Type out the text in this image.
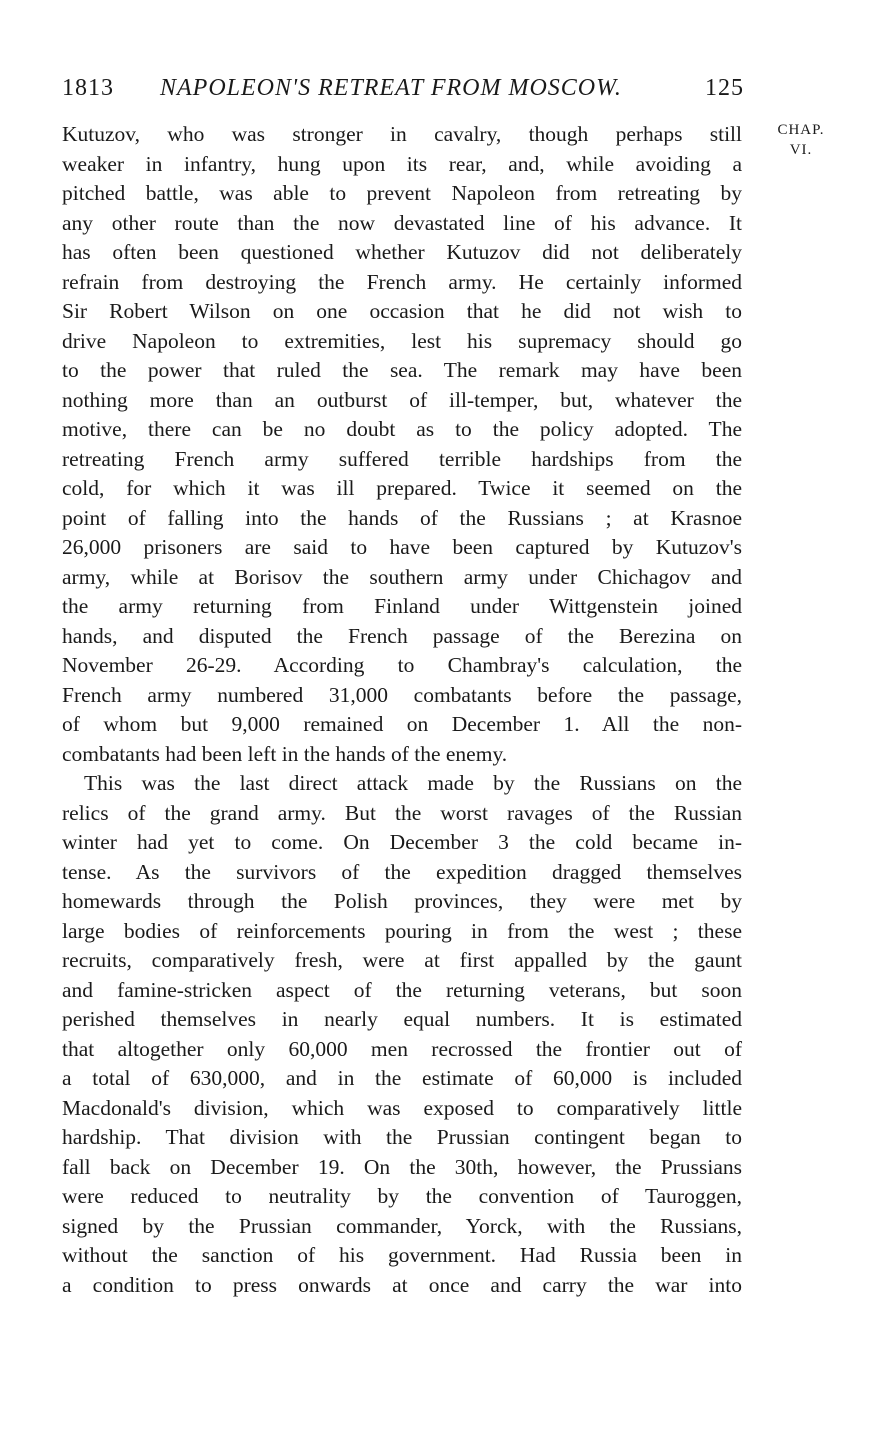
1813 NAPOLEON'S RETREAT FROM MOSCOW.	125
CHAP.
VI.
Kutuzov, who was stronger in cavalry, though perhaps still
weaker in infantry, hung upon its rear, and, while avoiding a
pitched battle, was able to prevent Napoleon from retreating by
any other route than the now devastated line of his advance. It
has often been questioned whether Kutuzov did not deliberately
refrain from destroying the French army. He certainly informed
Sir Robert Wilson on one occasion that he did not wish to
drive Napoleon to extremities, lest his supremacy should go
to the power that ruled the sea. The remark may have been
nothing more than an outburst of ill-temper, but, whatever the
motive, there can be no doubt as to the policy adopted. The
retreating French army suffered terrible hardships from the
cold, for which it was ill prepared. Twice it seemed on the
point of falling into the hands of the Russians ; at Krasnoe
26,000 prisoners are said to have been captured by Kutuzov's
army, while at Borisov the southern army under Chichagov and
the army returning from Finland under Wittgenstein joined
hands, and disputed the French passage of the Berezina on
November 26-29. According to Chambray's calculation, the
French army numbered 31,000 combatants before the passage,
of whom but 9,000 remained on December 1. All the non-
combatants had been left in the hands of the enemy.
This was the last direct attack made by the Russians on the
relics of the grand army. But the worst ravages of the Russian
winter had yet to come. On December 3 the cold became in-
tense. As the survivors of the expedition dragged themselves
homewards through the Polish provinces, they were met by
large bodies of reinforcements pouring in from the west ; these
recruits, comparatively fresh, were at first appalled by the gaunt
and famine-stricken aspect of the returning veterans, but soon
perished themselves in nearly equal numbers. It is estimated
that altogether only 60,000 men recrossed the frontier out of
a total of 630,000, and in the estimate of 60,000 is included
Macdonald's division, which was exposed to comparatively little
hardship. That division with the Prussian contingent began to
fall back on December 19. On the 30th, however, the Prussians
were reduced to neutrality by the convention of Tauroggen,
signed by the Prussian commander, Yorck, with the Russians,
without the sanction of his government. Had Russia been in
a condition to press onwards at once and carry the war into
